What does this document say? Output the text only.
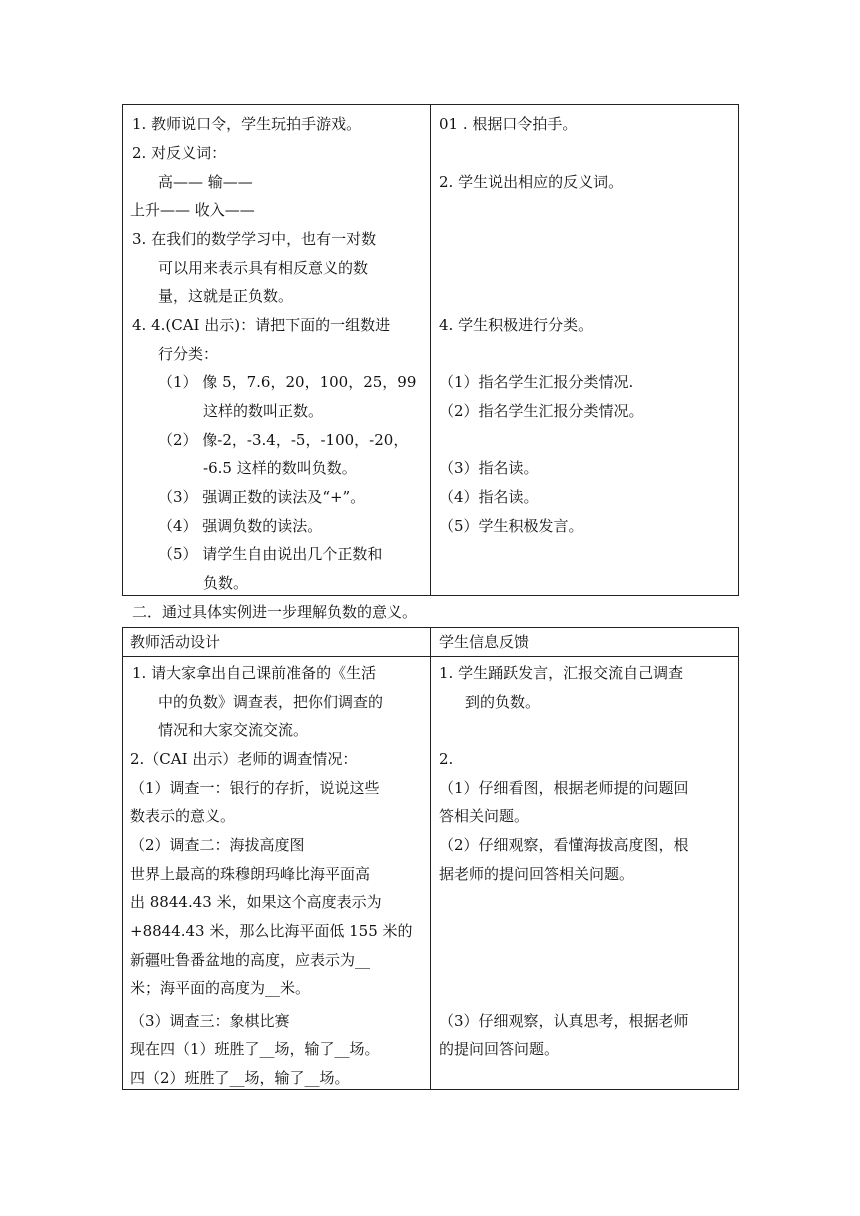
1. 教师说口令，学生玩拍手游戏。
2. 对反义词：
高—— 输——
上升—— 收入——
3. 在我们的数学学习中，也有一对数
可以用来表示具有相反意义的数
量，这就是正负数。
4. 4.(CAI 出示)：请把下面的一组数进
行分类：
（1） 像 5，7.6，20，100，25，99
这样的数叫正数。
（2） 像-2，-3.4，-5，-100，-20，
-6.5 这样的数叫负数。
（3） 强调正数的读法及“+”。
（4） 强调负数的读法。
（5） 请学生自由说出几个正数和
负数。
01 . 根据口令拍手。
2. 学生说出相应的反义词。
4. 学生积极进行分类。
（1）指名学生汇报分类情况.
（2）指名学生汇报分类情况。
（3）指名读。
（4）指名读。
（5）学生积极发言。
二．通过具体实例进一步理解负数的意义。
教师活动设计	学生信息反馈
1. 请大家拿出自己课前准备的《生活
中的负数》调查表，把你们调查的
情况和大家交流交流。
2.（CAI 出示）老师的调查情况：
（1）调查一：银行的存折，说说这些
数表示的意义。
（2）调查二：海拔高度图
世界上最高的珠穆朗玛峰比海平面高
出 8844.43 米，如果这个高度表示为
+8844.43 米，那么比海平面低 155 米的
新疆吐鲁番盆地的高度，应表示为__
米；海平面的高度为__米。
（3）调查三：象棋比赛
现在四（1）班胜了__场，输了__场。
四（2）班胜了__场，输了__场。
1. 学生踊跃发言，汇报交流自己调查
到的负数。
2.
（1）仔细看图，根据老师提的问题回
答相关问题。
（2）仔细观察，看懂海拔高度图，根
据老师的提问回答相关问题。
（3）仔细观察，认真思考，根据老师
的提问回答问题。
